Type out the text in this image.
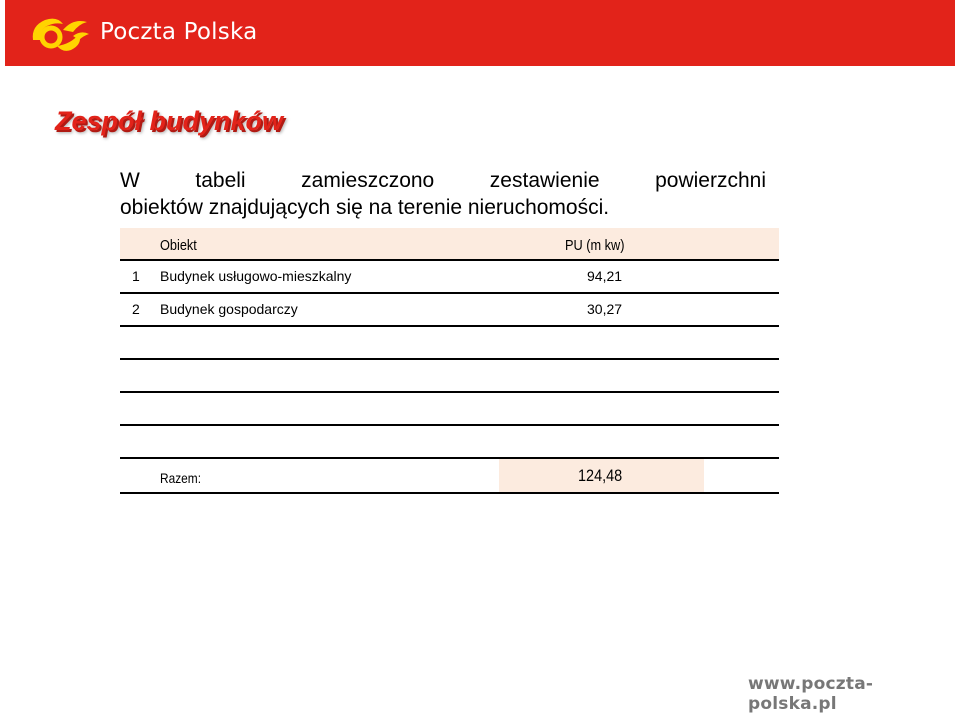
Poczta Polska
Zespół budynków

W tabeli zamieszczono zestawienie powierzchni
obiektów znajdujących się na terenie nieruchomości.

Obiekt	PU (m kw)
1 Budynek usługowo-mieszkalny	94,21
2 Budynek gospodarczy	30,27
Razem:	124,48
www.poczta-polska.pl
